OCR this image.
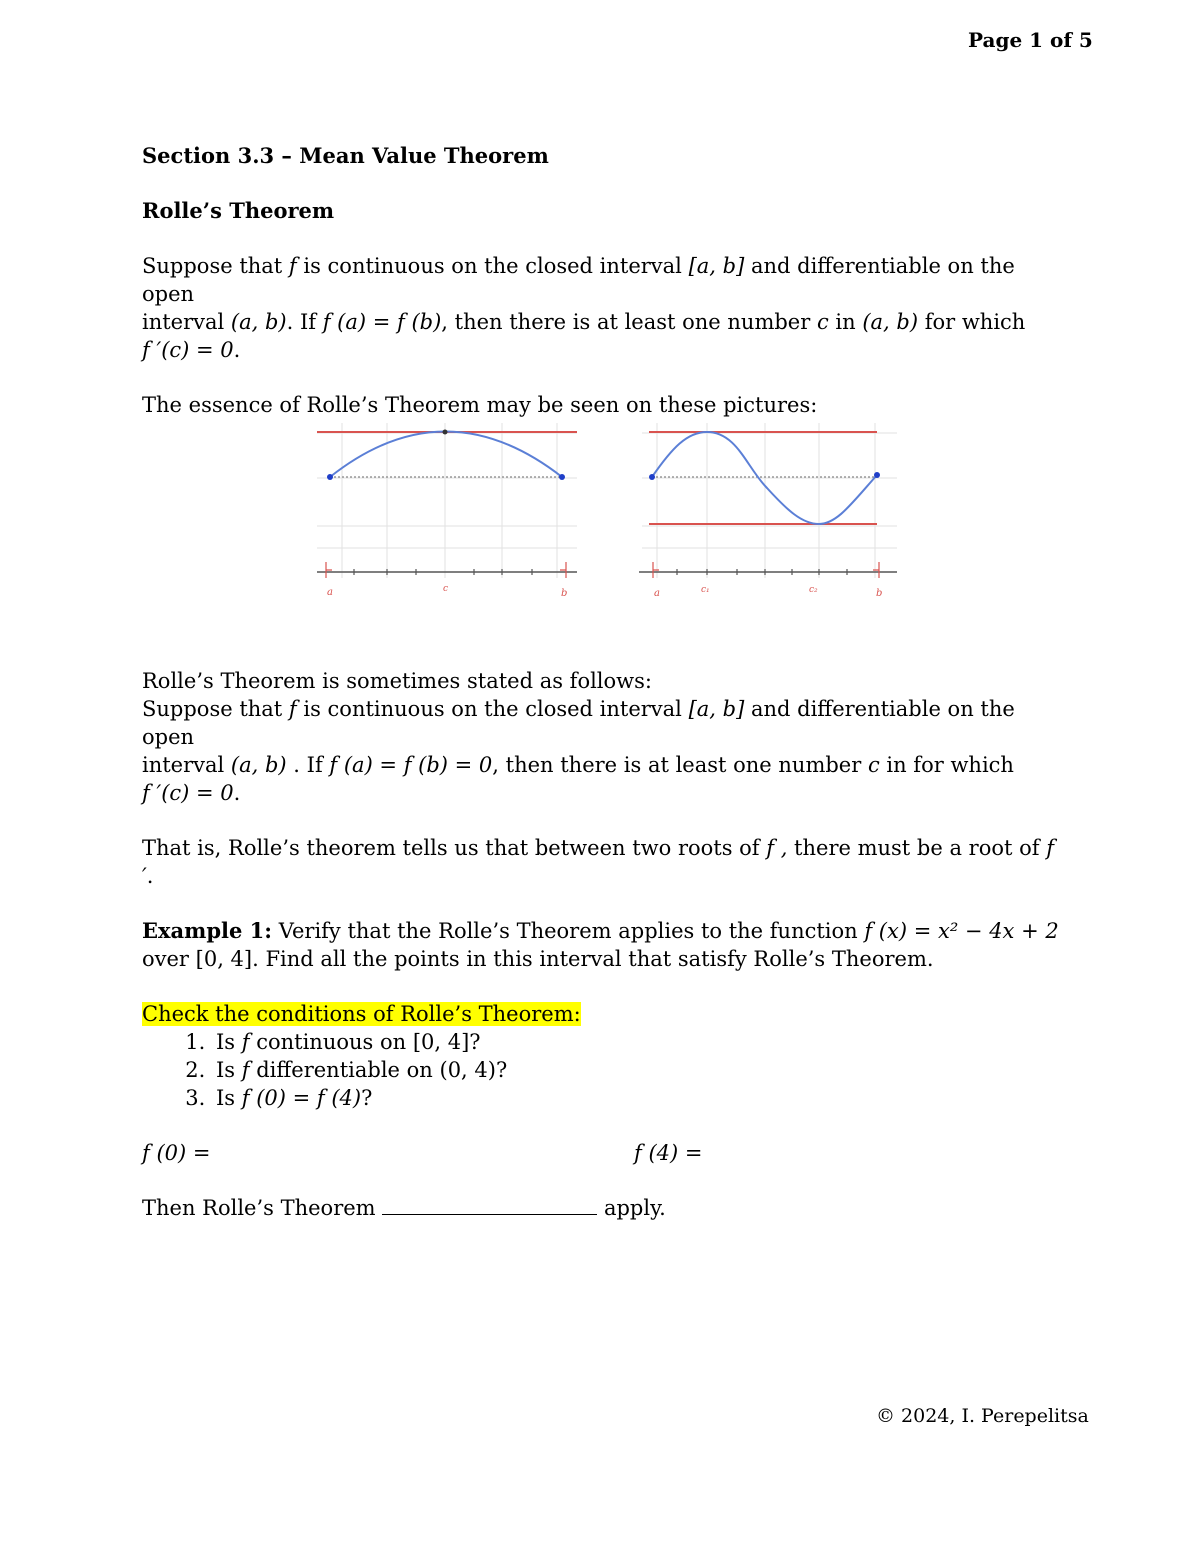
Page 1 of 5

Section 3.3 – Mean Value Theorem

Rolle’s Theorem

Suppose that f is continuous on the closed interval [a, b] and differentiable on the open
interval (a, b). If f (a) = f (b), then there is at least one number c in (a, b) for which
f ′(c) = 0.

The essence of Rolle’s Theorem may be seen on these pictures:

Rolle’s Theorem is sometimes stated as follows:

Suppose that f is continuous on the closed interval [a, b] and differentiable on the open
interval (a, b) . If f (a) = f (b) = 0, then there is at least one number c in for which
f ′(c) = 0.

That is, Rolle’s theorem tells us that between two roots of f , there must be a root of f ′.

Example 1: Verify that the Rolle’s Theorem applies to the function f (x) = x² − 4x + 2
over [0, 4]. Find all the points in this interval that satisfy Rolle’s Theorem.

Check the conditions of Rolle’s Theorem:

1. Is f continuous on [0, 4]?
2. Is f differentiable on (0, 4)?
3. Is f (0) = f (4)?
f (0) =	f (4) =

Then Rolle’s Theorem	apply.

a	c	b	a	c₁	c₂	b
© 2024, I. Perepelitsa
